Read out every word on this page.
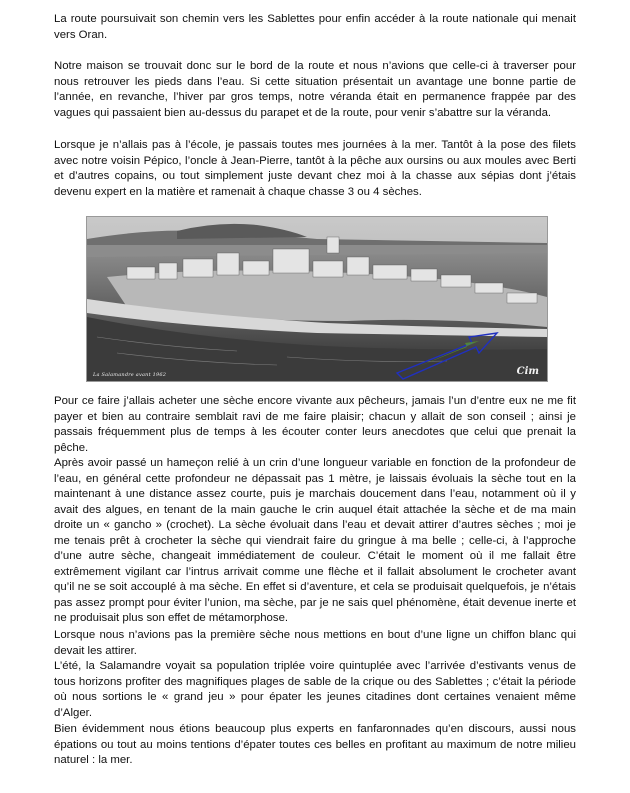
La route poursuivait son chemin vers les Sablettes pour enfin accéder à la route nationale qui menait vers Oran.

Notre maison se trouvait donc sur le bord de la route et nous n’avions que celle-ci à traverser pour nous retrouver les pieds dans l’eau. Si cette situation présentait un avantage une bonne partie de l’année, en revanche, l’hiver par gros temps, notre véranda était en permanence frappée par des vagues qui passaient bien au-dessus du parapet et de la route, pour venir s’abattre sur la véranda.

Lorsque je n’allais pas à l’école, je passais toutes mes journées à la mer. Tantôt à la pose des filets avec notre voisin Pépico, l’oncle à Jean-Pierre, tantôt à la pêche aux oursins ou aux moules avec Berti et d’autres copains, ou tout simplement juste devant chez moi à la chasse aux sépias dont j’étais devenu expert en la matière et ramenait à chaque chasse 3 ou 4 sèches.

La Salamandre avant 1962	Cim

Pour ce faire j’allais acheter une sèche encore vivante aux pêcheurs, jamais l’un d’entre eux ne me fit payer et bien au contraire semblait ravi de me faire plaisir; chacun y allait de son conseil ; ainsi je passais fréquemment plus de temps à les écouter conter leurs anecdotes que celui que prenait la pêche.

Après avoir passé un hameçon relié à un crin d’une longueur variable en fonction de la profondeur de l’eau, en général cette profondeur ne dépassait pas 1 mètre, je laissais évoluais la sèche tout en la maintenant à une distance assez courte, puis je marchais doucement dans l’eau, notamment où il y avait des algues, en tenant de la main gauche le crin auquel était attachée la sèche et de ma main droite un « gancho » (crochet). La sèche évoluait dans l’eau et devait attirer d’autres sèches ; moi je me tenais prêt à crocheter la sèche qui viendrait faire du gringue à ma belle ; celle-ci, à l’approche d’une autre sèche, changeait immédiatement de couleur. C’était le moment où il me fallait être extrêmement vigilant car l’intrus arrivait comme une flèche et il fallait absolument le crocheter avant qu’il ne se soit accouplé à ma sèche. En effet si d’aventure, et cela se produisait quelquefois, je n’étais pas assez prompt pour éviter l’union, ma sèche, par je ne sais quel phénomène, était devenue inerte et ne produisait plus son effet de métamorphose.

Lorsque nous n’avions pas la première sèche nous mettions en bout d’une ligne un chiffon blanc qui devait les attirer.

L’été, la Salamandre voyait sa population triplée voire quintuplée avec l’arrivée d’estivants venus de tous horizons profiter des magnifiques plages de sable de la crique ou des Sablettes ; c’était la période où nous sortions le « grand jeu » pour épater les jeunes citadines dont certaines venaient même d’Alger.

Bien évidemment nous étions beaucoup plus experts en fanfaronnades qu’en discours, aussi nous épations ou tout au moins tentions d’épater toutes ces belles en profitant au maximum de notre milieu naturel : la mer.
